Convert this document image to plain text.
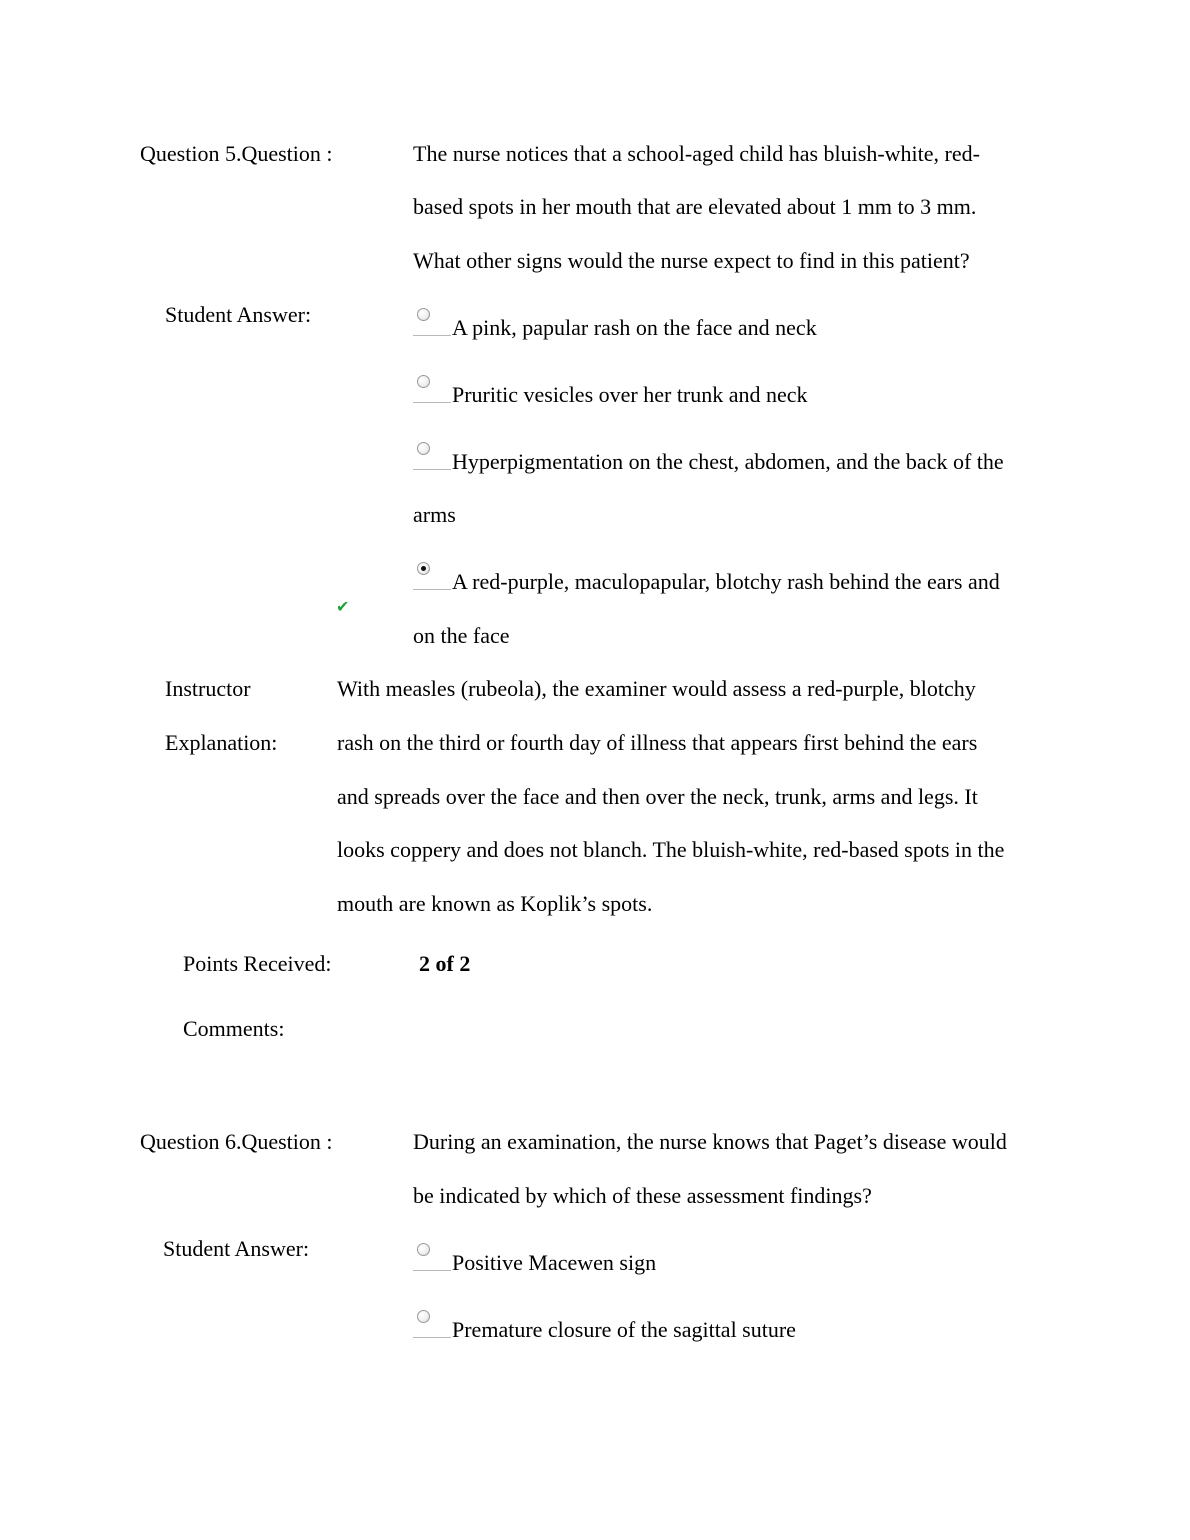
Question 5.Question :	The nurse notices that a school-aged child has bluish-white, red-
based spots in her mouth that are elevated about 1 mm to 3 mm.
What other signs would the nurse expect to find in this patient?
Student Answer:
A pink, papular rash on the face and neck
Pruritic vesicles over her trunk and neck
Hyperpigmentation on the chest, abdomen, and the back of the
arms
A red-purple, maculopapular, blotchy rash behind the ears and
on the face
✔
Instructor
Explanation:
With measles (rubeola), the examiner would assess a red-purple, blotchy
rash on the third or fourth day of illness that appears first behind the ears
and spreads over the face and then over the neck, trunk, arms and legs. It
looks coppery and does not blanch. The bluish-white, red-based spots in the
mouth are known as Koplik’s spots.
Points Received:	2 of 2
Comments:
Question 6.Question :	During an examination, the nurse knows that Paget’s disease would
be indicated by which of these assessment findings?
Student Answer:
Positive Macewen sign
Premature closure of the sagittal suture
